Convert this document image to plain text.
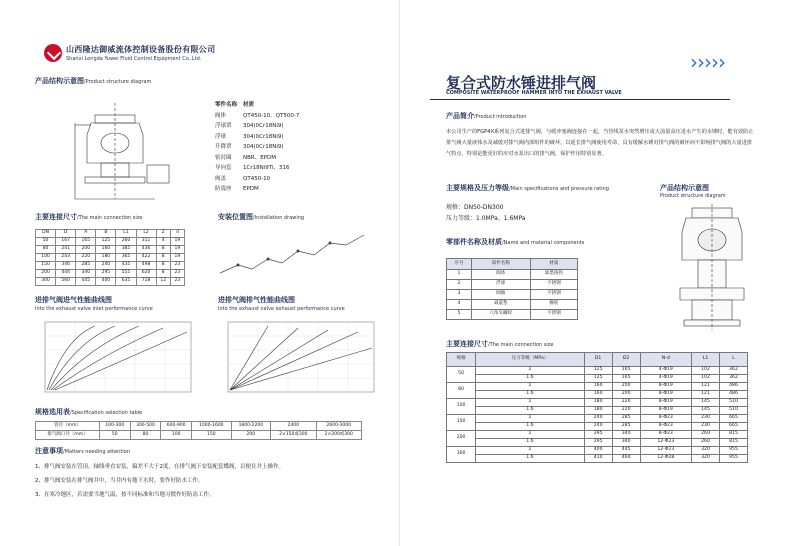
山西隆达御威流体控制设备股份有限公司
Shanxi Longda Yuwei Fluid Control Equipment Co.,Ltd.
产品结构示意图/Product structure diagram
零件名称	材质
阀体	QT450-10、QT500-7
浮球罩	304(0Cr18Ni9)
浮球	304(0Cr18Ni9)
升降罩	304(0Cr18Ni9)
密封圈	NBR、EPDM
导向套	1Cr18Ni9Ti、316
阀盖	QT450-10
防震座	EPDM
主要连接尺寸/The main connection size
DN	D	A	B	L1	L2	Z	d
50	167	165	125	260	311	4	19
80	241	200	160	385	436	8	19
100	243	220	180	365	422	8	19
150	346	285	240	435	498	8	23
200	444	340	295	555	620	8	23
300	560	445	400	635	718	12	23
安装位置图/Installation drawing
进排气阀进气性能曲线图
Into the exhaust valve inlet performance curve
进排气阀排气性能曲线图
Into the exhaust valve exhaust performance curve
规格选用表/Specification selection table
管径（mm）	100-300	300-500	600-900	1000-1600	1800-2200	2400	2600-3000
排气阀口径（mm）	50	80	100	150	200	2×150或300	2×200或300
注意事项/Matters needing attention
1、排气阀安装在管顶，轴线垂直安装，偏差不大于2度，在排气阀下安装配套蝶阀，以便在井上操作。
2、排气阀安装在排气阀井中，当井内有地下水时，要作好防水工作。
3、在寒冷地区，若需要当地气温，按不同标准和当地习惯作好防冻工作。
›››››
复合式防水锤进排气阀
COMPOSITE WATERPROOF HAMMER INTO THE EXHAUST VALVE
产品简介/Product introduction
本公司生产的FGP4X系列复合式进排气阀，与缓冲塞阀连接在一起，当管线泵水突然增压或大流量高压进水产生的水锤时，能有效防止排气阀大量液体水及减缓对排气阀内部组件的破坏，以延长排气阀使用寿命，具有缓解水锤对排气阀的破坏而不影响排气阀的大量进排气特点，特别是能更好的应对水泵出口的排气阀，保护作用特别显著。
主要规格及压力等级/Main specifications and pressure rating
规格：DN50-DN300
压力等级：1.0MPa、1.6MPa
产品结构示意图
Product structure diagram
零部件名称及材质/Name and material components
序号	部件名称	材质
1	阀体	球墨铸铁
2	浮球	不锈钢
3	阀轴	不锈钢
4	减震垫	橡胶
5	六角头螺栓	不锈钢
主要连接尺寸/The main connection size
规格	压力等级（MPa）	D1	D2	N-d	L1	L
50	1	125	165	4-Φ19	102	362
	1.6	125	165	4-Φ19	102	362
80	1	160	200	8-Φ19	121	486
	1.6	160	200	8-Φ19	121	486
100	1	180	220	8-Φ19	145	510
	1.6	180	220	8-Φ19	145	510
150	1	240	285	8-Φ23	230	665
	1.6	240	285	8-Φ23	230	665
200	1	295	340	8-Φ23	260	815
	1.6	295	340	12-Φ23	260	815
300	1	400	445	12-Φ23	320	955
	1.6	410	460	12-Φ28	320	955
